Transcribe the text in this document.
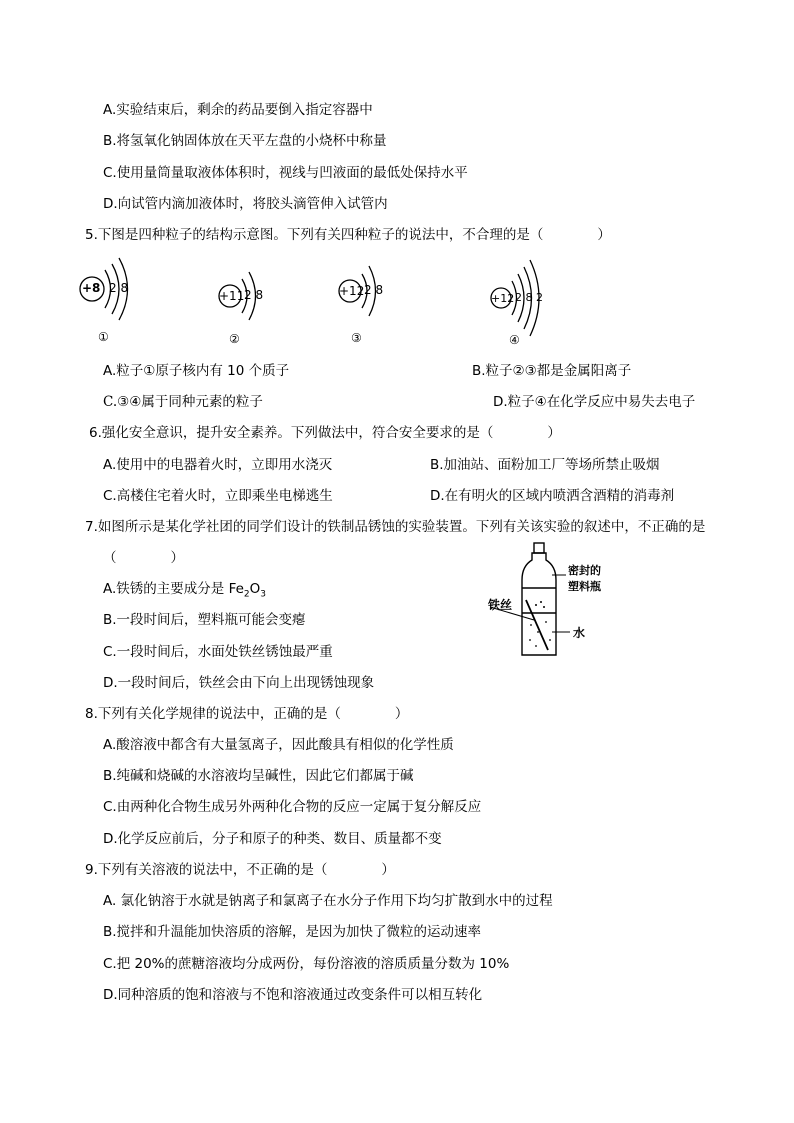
A.实验结束后，剩余的药品要倒入指定容器中
B.将氢氧化钠固体放在天平左盘的小烧杯中称量
C.使用量筒量取液体体积时，视线与凹液面的最低处保持水平
D.向试管内滴加液体时，将胶头滴管伸入试管内
5.下图是四种粒子的结构示意图。下列有关四种粒子的说法中，不合理的是（　　　　）
+8 2 8
①
+11 2 8
②
+12 2 8
③
+12 2 8 2
④
A.粒子①原子核内有 10 个质子	B.粒子②③都是金属阳离子
C.③④属于同种元素的粒子	D.粒子④在化学反应中易失去电子
6.强化安全意识，提升安全素养。下列做法中，符合安全要求的是（　　　　）
A.使用中的电器着火时，立即用水浇灭	B.加油站、面粉加工厂等场所禁止吸烟
C.高楼住宅着火时，立即乘坐电梯逃生	D.在有明火的区域内喷洒含酒精的消毒剂
7.如图所示是某化学社团的同学们设计的铁制品锈蚀的实验装置。下列有关该实验的叙述中，不正确的是
（　　　　）
A.铁锈的主要成分是 $Fe_2O_3$
B.一段时间后，塑料瓶可能会变瘪
C.一段时间后，水面处铁丝锈蚀最严重
D.一段时间后，铁丝会由下向上出现锈蚀现象
密封的
塑料瓶
铁丝
水
8.下列有关化学规律的说法中，正确的是（　　　　）
A.酸溶液中都含有大量氢离子，因此酸具有相似的化学性质
B.纯碱和烧碱的水溶液均呈碱性，因此它们都属于碱
C.由两种化合物生成另外两种化合物的反应一定属于复分解反应
D.化学反应前后，分子和原子的种类、数目、质量都不变
9.下列有关溶液的说法中，不正确的是（　　　　）
A. 氯化钠溶于水就是钠离子和氯离子在水分子作用下均匀扩散到水中的过程
B.搅拌和升温能加快溶质的溶解，是因为加快了微粒的运动速率
C.把 20%的蔗糖溶液均分成两份，每份溶液的溶质质量分数为 10%
D.同种溶质的饱和溶液与不饱和溶液通过改变条件可以相互转化
